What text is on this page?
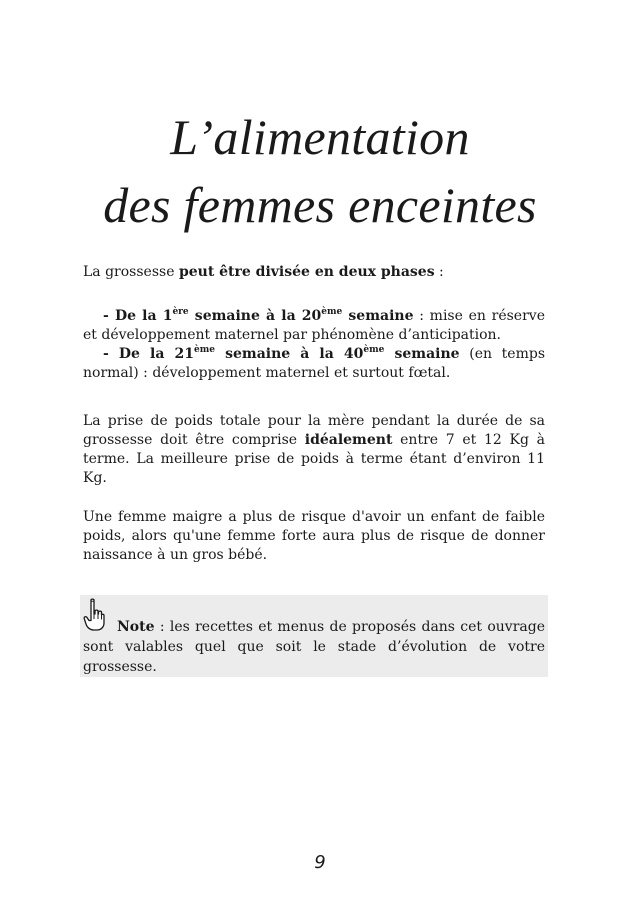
L’alimentation
des femmes enceintes

La grossesse peut être divisée en deux phases :

- De la 1ère semaine à la 20ème semaine : mise en réserve et développement maternel par phénomène d’anticipation.

- De la 21ème semaine à la 40ème semaine (en temps normal) : développement maternel et surtout fœtal.

La prise de poids totale pour la mère pendant la durée de sa grossesse doit être comprise idéalement entre 7 et 12 Kg à terme. La meilleure prise de poids à terme étant d’environ 11 Kg.

Une femme maigre a plus de risque d'avoir un enfant de faible poids, alors qu'une femme forte aura plus de risque de donner naissance à un gros bébé.

Note : les recettes et menus de proposés dans cet ouvrage sont valables quel que soit le stade d’évolution de votre grossesse.

9
